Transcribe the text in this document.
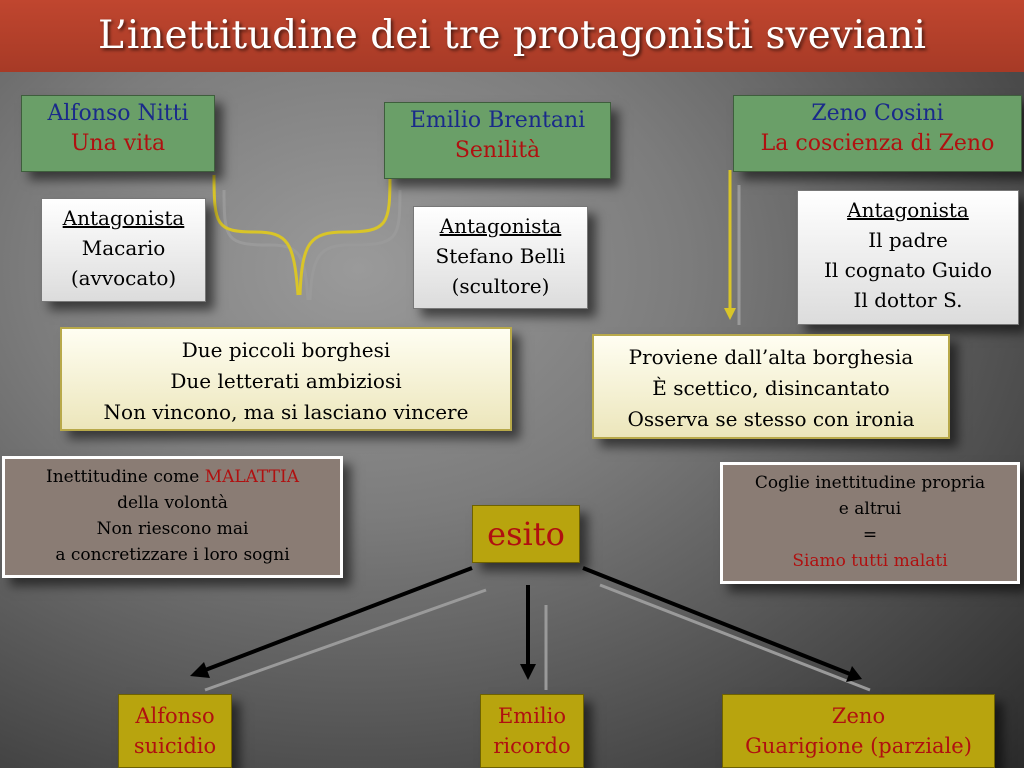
L’inettitudine dei tre protagonisti sveviani
Alfonso Nitti
Una vita
Emilio Brentani
Senilità
Zeno Cosini
La coscienza di Zeno
Antagonista
Macario
(avvocato)
Antagonista
Stefano Belli
(scultore)
Antagonista
Il padre
Il cognato Guido
Il dottor S.
Due piccoli borghesi
Due letterati ambiziosi
Non vincono, ma si lasciano vincere
Proviene dall’alta borghesia
È scettico, disincantato
Osserva se stesso con ironia
Inettitudine come MALATTIA
della volontà
Non riescono mai
a concretizzare i loro sogni
Coglie inettitudine propria
e altrui
=
Siamo tutti malati
esito
Alfonso
suicidio
Emilio
ricordo
Zeno
Guarigione (parziale)
